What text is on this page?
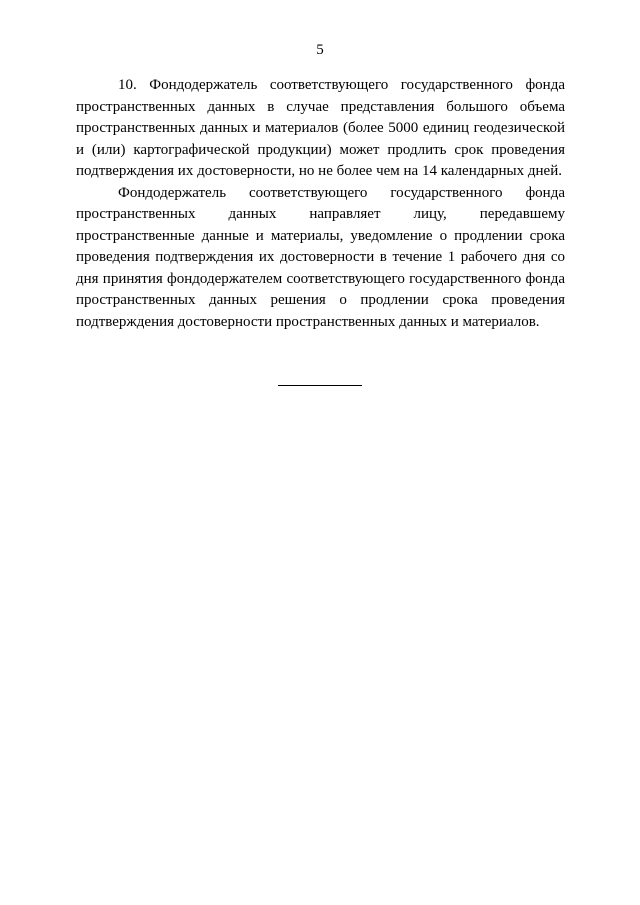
5

10. Фондодержатель соответствующего государственного фонда пространственных данных в случае представления большого объема пространственных данных и материалов (более 5000 единиц геодезической и (или) картографической продукции) может продлить срок проведения подтверждения их достоверности, но не более чем на 14 календарных дней.

Фондодержатель соответствующего государственного фонда пространственных данных направляет лицу, передавшему пространственные данные и материалы, уведомление о продлении срока проведения подтверждения их достоверности в течение 1 рабочего дня со дня принятия фондодержателем соответствующего государственного фонда пространственных данных решения о продлении срока проведения подтверждения достоверности пространственных данных и материалов.
